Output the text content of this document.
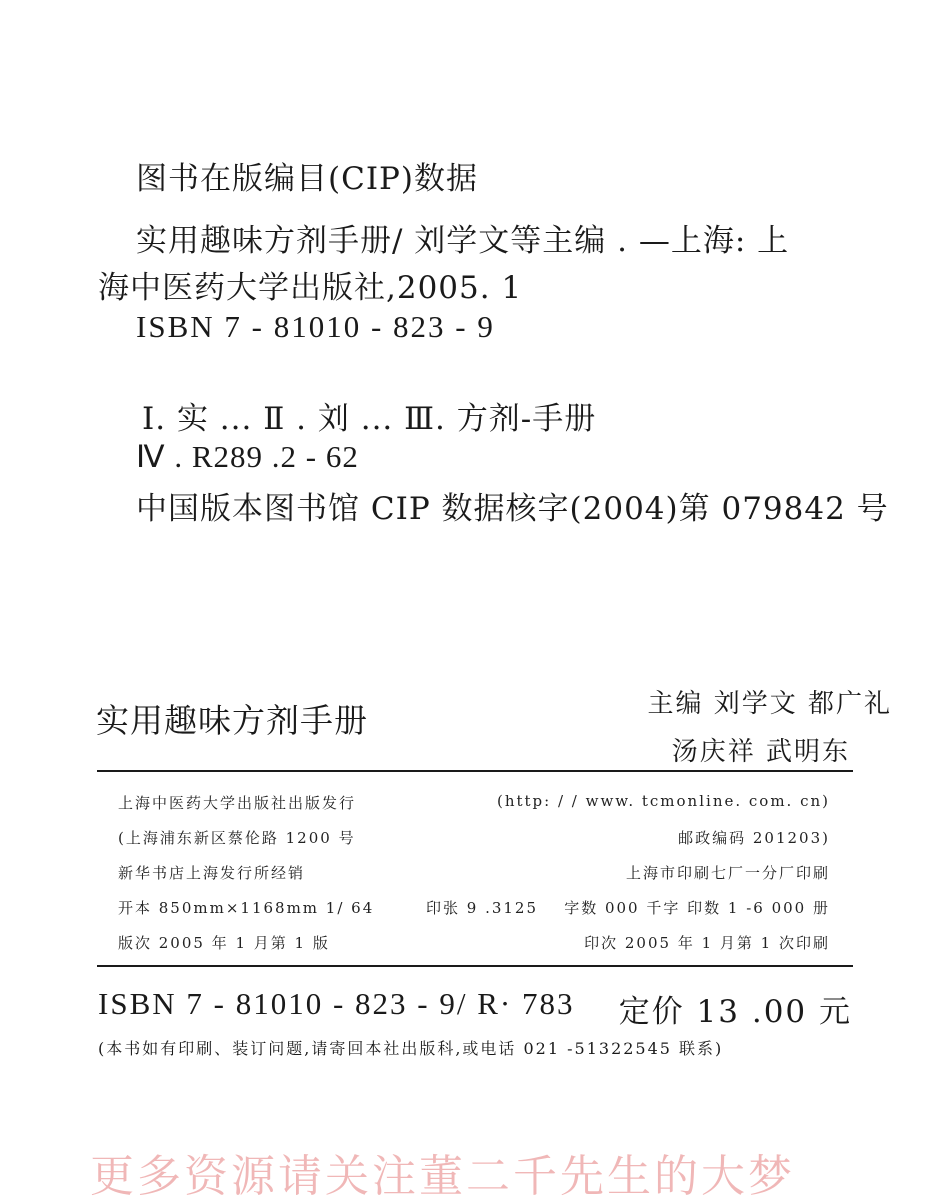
图书在版编目(CIP)数据
实用趣味方剂手册/ 刘学文等主编 . —上海: 上
海中医药大学出版社,2005. 1
ISBN 7 - 81010 - 823 - 9
Ⅰ. 实 ... Ⅱ . 刘 ... Ⅲ. 方剂-手册
Ⅳ . R289 .2 - 62
中国版本图书馆 CIP 数据核字(2004)第 079842 号
实用趣味方剂手册	主编 刘学文 都广礼
汤庆祥 武明东
上海中医药大学出版社出版发行	(http: / / www. tcmonline. com. cn)
(上海浦东新区蔡伦路 1200 号	邮政编码 201203)
新华书店上海发行所经销	上海市印刷七厂一分厂印刷
开本 850mm×1168mm 1/ 64	印张 9 .3125 字数 000 千字 印数 1 -6 000 册
版次 2005 年 1 月第 1 版	印次 2005 年 1 月第 1 次印刷
ISBN 7 - 81010 - 823 - 9/ R· 783 定价 13 .00 元
(本书如有印刷、装订问题,请寄回本社出版科,或电话 021 -51322545 联系)
更多资源请关注董二千先生的大梦
